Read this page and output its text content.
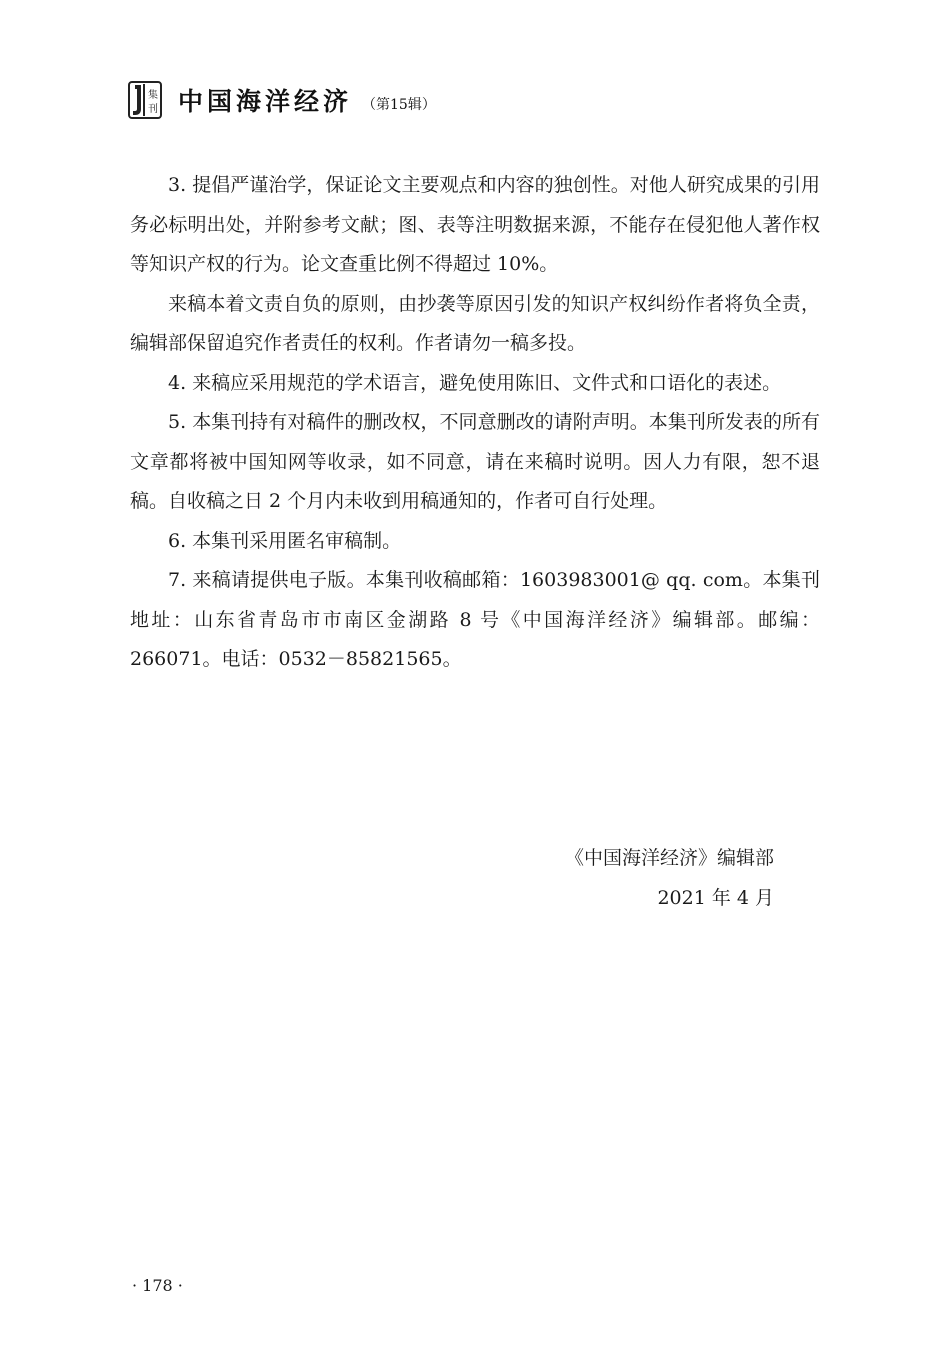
集
刊 中国海洋经济 （第15辑）

3. 提倡严谨治学，保证论文主要观点和内容的独创性。对他人研究成果的引用务必标明出处，并附参考文献；图、表等注明数据来源，不能存在侵犯他人著作权等知识产权的行为。论文查重比例不得超过 10%。

来稿本着文责自负的原则，由抄袭等原因引发的知识产权纠纷作者将负全责，编辑部保留追究作者责任的权利。作者请勿一稿多投。

4. 来稿应采用规范的学术语言，避免使用陈旧、文件式和口语化的表述。

5. 本集刊持有对稿件的删改权，不同意删改的请附声明。本集刊所发表的所有文章都将被中国知网等收录，如不同意，请在来稿时说明。因人力有限，恕不退稿。自收稿之日 2 个月内未收到用稿通知的，作者可自行处理。

6. 本集刊采用匿名审稿制。

7. 来稿请提供电子版。本集刊收稿邮箱：1603983001@ qq. com。本集刊地址：山东省青岛市市南区金湖路 8 号《中国海洋经济》编辑部。邮编：266071。电话：0532－85821565。

《中国海洋经济》编辑部
2021 年 4 月
· 178 ·
